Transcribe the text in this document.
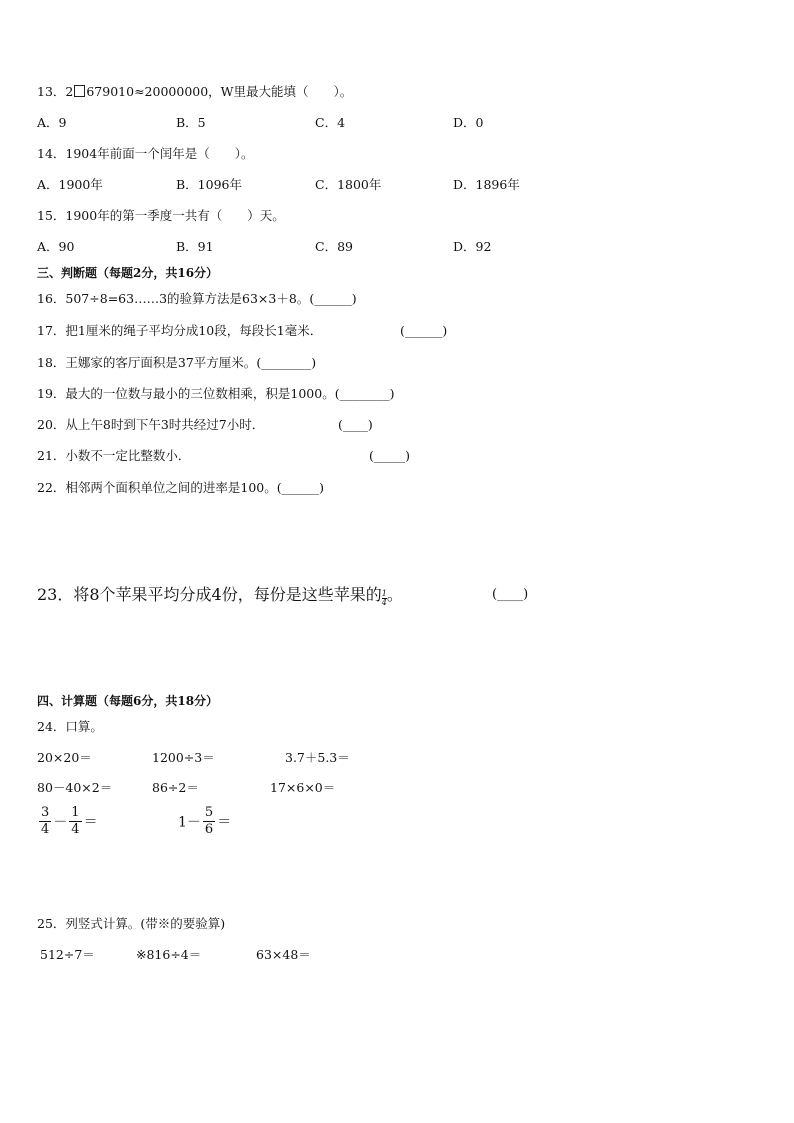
13．2 679010≈20000000，W里最大能填（　　）。
A．9	B．5	C．4	D．0
14．1904年前面一个闰年是（　　）。
A．1900年	B．1096年	C．1800年	D．1896年
15．1900年的第一季度一共有（　　）天。
A．90	B．91	C．89	D．92
三、判断题（每题2分，共16分）
16．507÷8=63……3的验算方法是63×3＋8。(______)
17．把1厘米的绳子平均分成10段，每段长1毫米．	(______)
18．王娜家的客厅面积是37平方厘米。(________)
19．最大的一位数与最小的三位数相乘，积是1000。(________)
20．从上午8时到下午3时共经过7小时．	(____)
21．小数不一定比整数小．	(_____)
22．相邻两个面积单位之间的进率是100。(______)
23．将8个苹果平均分成4份，每份是这些苹果的 $\frac{1}{4}$ 。	(____)
四、计算题（每题6分，共18分）
24．口算。
20×20＝	1200÷3＝	3.7＋5.3＝
80－40×2＝	86÷2＝	17×6×0＝
$\frac{3}{4} - \frac{1}{4}$ ＝	$1- \frac{5}{6}$ ＝
25．列竖式计算。(带※的要验算)
512÷7＝	※816÷4＝	63×48＝
